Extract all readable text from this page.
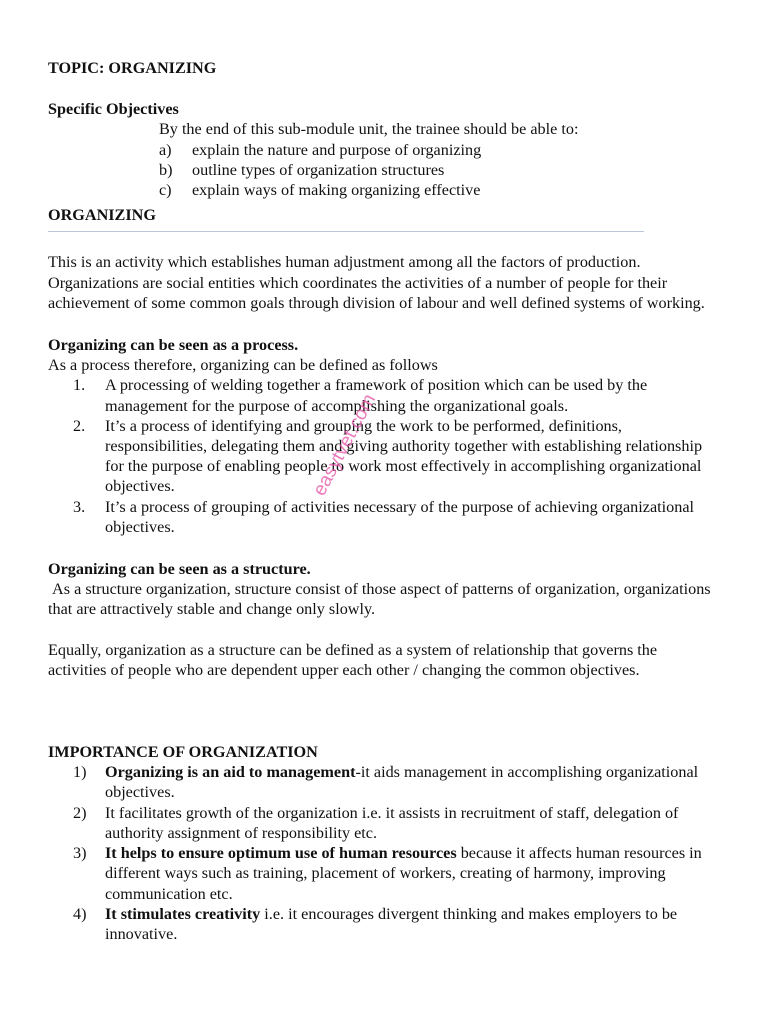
TOPIC: ORGANIZING
Specific Objectives
By the end of this sub-module unit, the trainee should be able to:
a)	explain the nature and purpose of organizing
b)	outline types of organization structures
c)	explain ways of making organizing effective
ORGANIZING
This is an activity which establishes human adjustment among all the factors of production. Organizations are social entities which coordinates the activities of a number of people for their achievement of some common goals through division of labour and well defined systems of working.
Organizing can be seen as a process.
As a process therefore, organizing can be defined as follows
1.	A processing of welding together a framework of position which can be used by the management for the purpose of accomplishing the organizational goals.
2.	It’s a process of identifying and grouping the work to be performed, definitions, responsibilities, delegating them and giving authority together with establishing relationship for the purpose of enabling people to work most effectively in accomplishing organizational objectives.
3.	It’s a process of grouping of activities necessary of the purpose of achieving organizational objectives.
Organizing can be seen as a structure.
As a structure organization, structure consist of those aspect of patterns of organization, organizations that are attractively stable and change only slowly.
Equally, organization as a structure can be defined as a system of relationship that governs the activities of people who are dependent upper each other / changing the common objectives.
IMPORTANCE OF ORGANIZATION
1)	Organizing is an aid to management-it aids management in accomplishing organizational objectives.
2)	It facilitates growth of the organization i.e. it assists in recruitment of staff, delegation of authority assignment of responsibility etc.
3)	It helps to ensure optimum use of human resources because it affects human resources in different ways such as training, placement of workers, creating of harmony, improving communication etc.
4)	It stimulates creativity i.e. it encourages divergent thinking and makes employers to be innovative.
easytvet.com
